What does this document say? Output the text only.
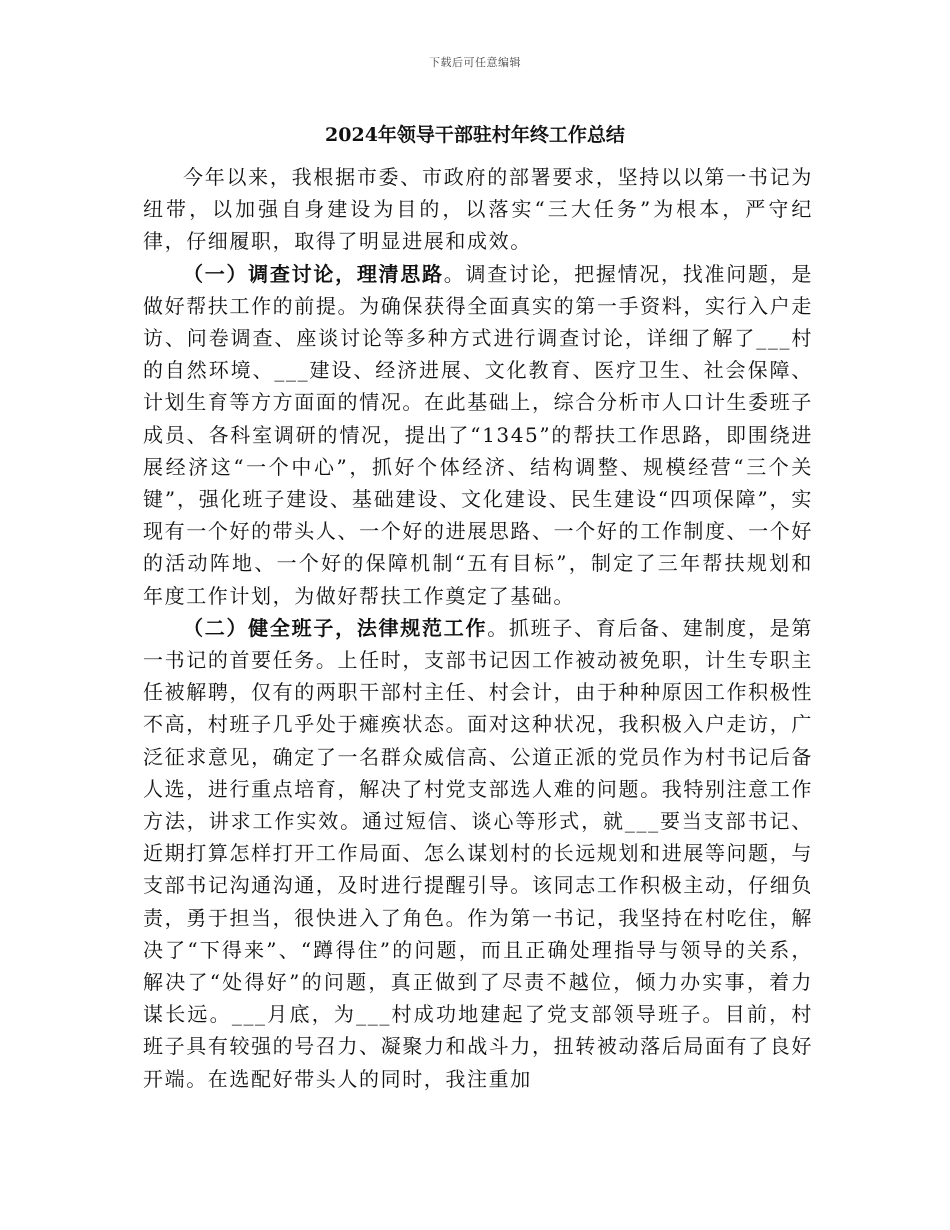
下载后可任意编辑
2024年领导干部驻村年终工作总结

今年以来，我根据市委、市政府的部署要求，坚持以以第一书记为纽带，以加强自身建设为目的，以落实“三大任务”为根本，严守纪律，仔细履职，取得了明显进展和成效。

（一）调查讨论，理清思路。调查讨论，把握情况，找准问题，是做好帮扶工作的前提。为确保获得全面真实的第一手资料，实行入户走访、问卷调查、座谈讨论等多种方式进行调查讨论，详细了解了___村的自然环境、___建设、经济进展、文化教育、医疗卫生、社会保障、计划生育等方方面面的情况。在此基础上，综合分析市人口计生委班子成员、各科室调研的情况，提出了“1345”的帮扶工作思路，即围绕进展经济这“一个中心”，抓好个体经济、结构调整、规模经营“三个关键”，强化班子建设、基础建设、文化建设、民生建设“四项保障”，实现有一个好的带头人、一个好的进展思路、一个好的工作制度、一个好的活动阵地、一个好的保障机制“五有目标”，制定了三年帮扶规划和年度工作计划，为做好帮扶工作奠定了基础。

（二）健全班子，法律规范工作。抓班子、育后备、建制度，是第一书记的首要任务。上任时，支部书记因工作被动被免职，计生专职主任被解聘，仅有的两职干部村主任、村会计，由于种种原因工作积极性不高，村班子几乎处于瘫痪状态。面对这种状况，我积极入户走访，广泛征求意见，确定了一名群众威信高、公道正派的党员作为村书记后备人选，进行重点培育，解决了村党支部选人难的问题。我特别注意工作方法，讲求工作实效。通过短信、谈心等形式，就___要当支部书记、近期打算怎样打开工作局面、怎么谋划村的长远规划和进展等问题，与支部书记沟通沟通，及时进行提醒引导。该同志工作积极主动，仔细负责，勇于担当，很快进入了角色。作为第一书记，我坚持在村吃住，解决了“下得来”、“蹲得住”的问题，而且正确处理指导与领导的关系，解决了“处得好”的问题，真正做到了尽责不越位，倾力办实事，着力谋长远。___月底，为___村成功地建起了党支部领导班子。目前，村班子具有较强的号召力、凝聚力和战斗力，扭转被动落后局面有了良好开端。在选配好带头人的同时，我注重加
